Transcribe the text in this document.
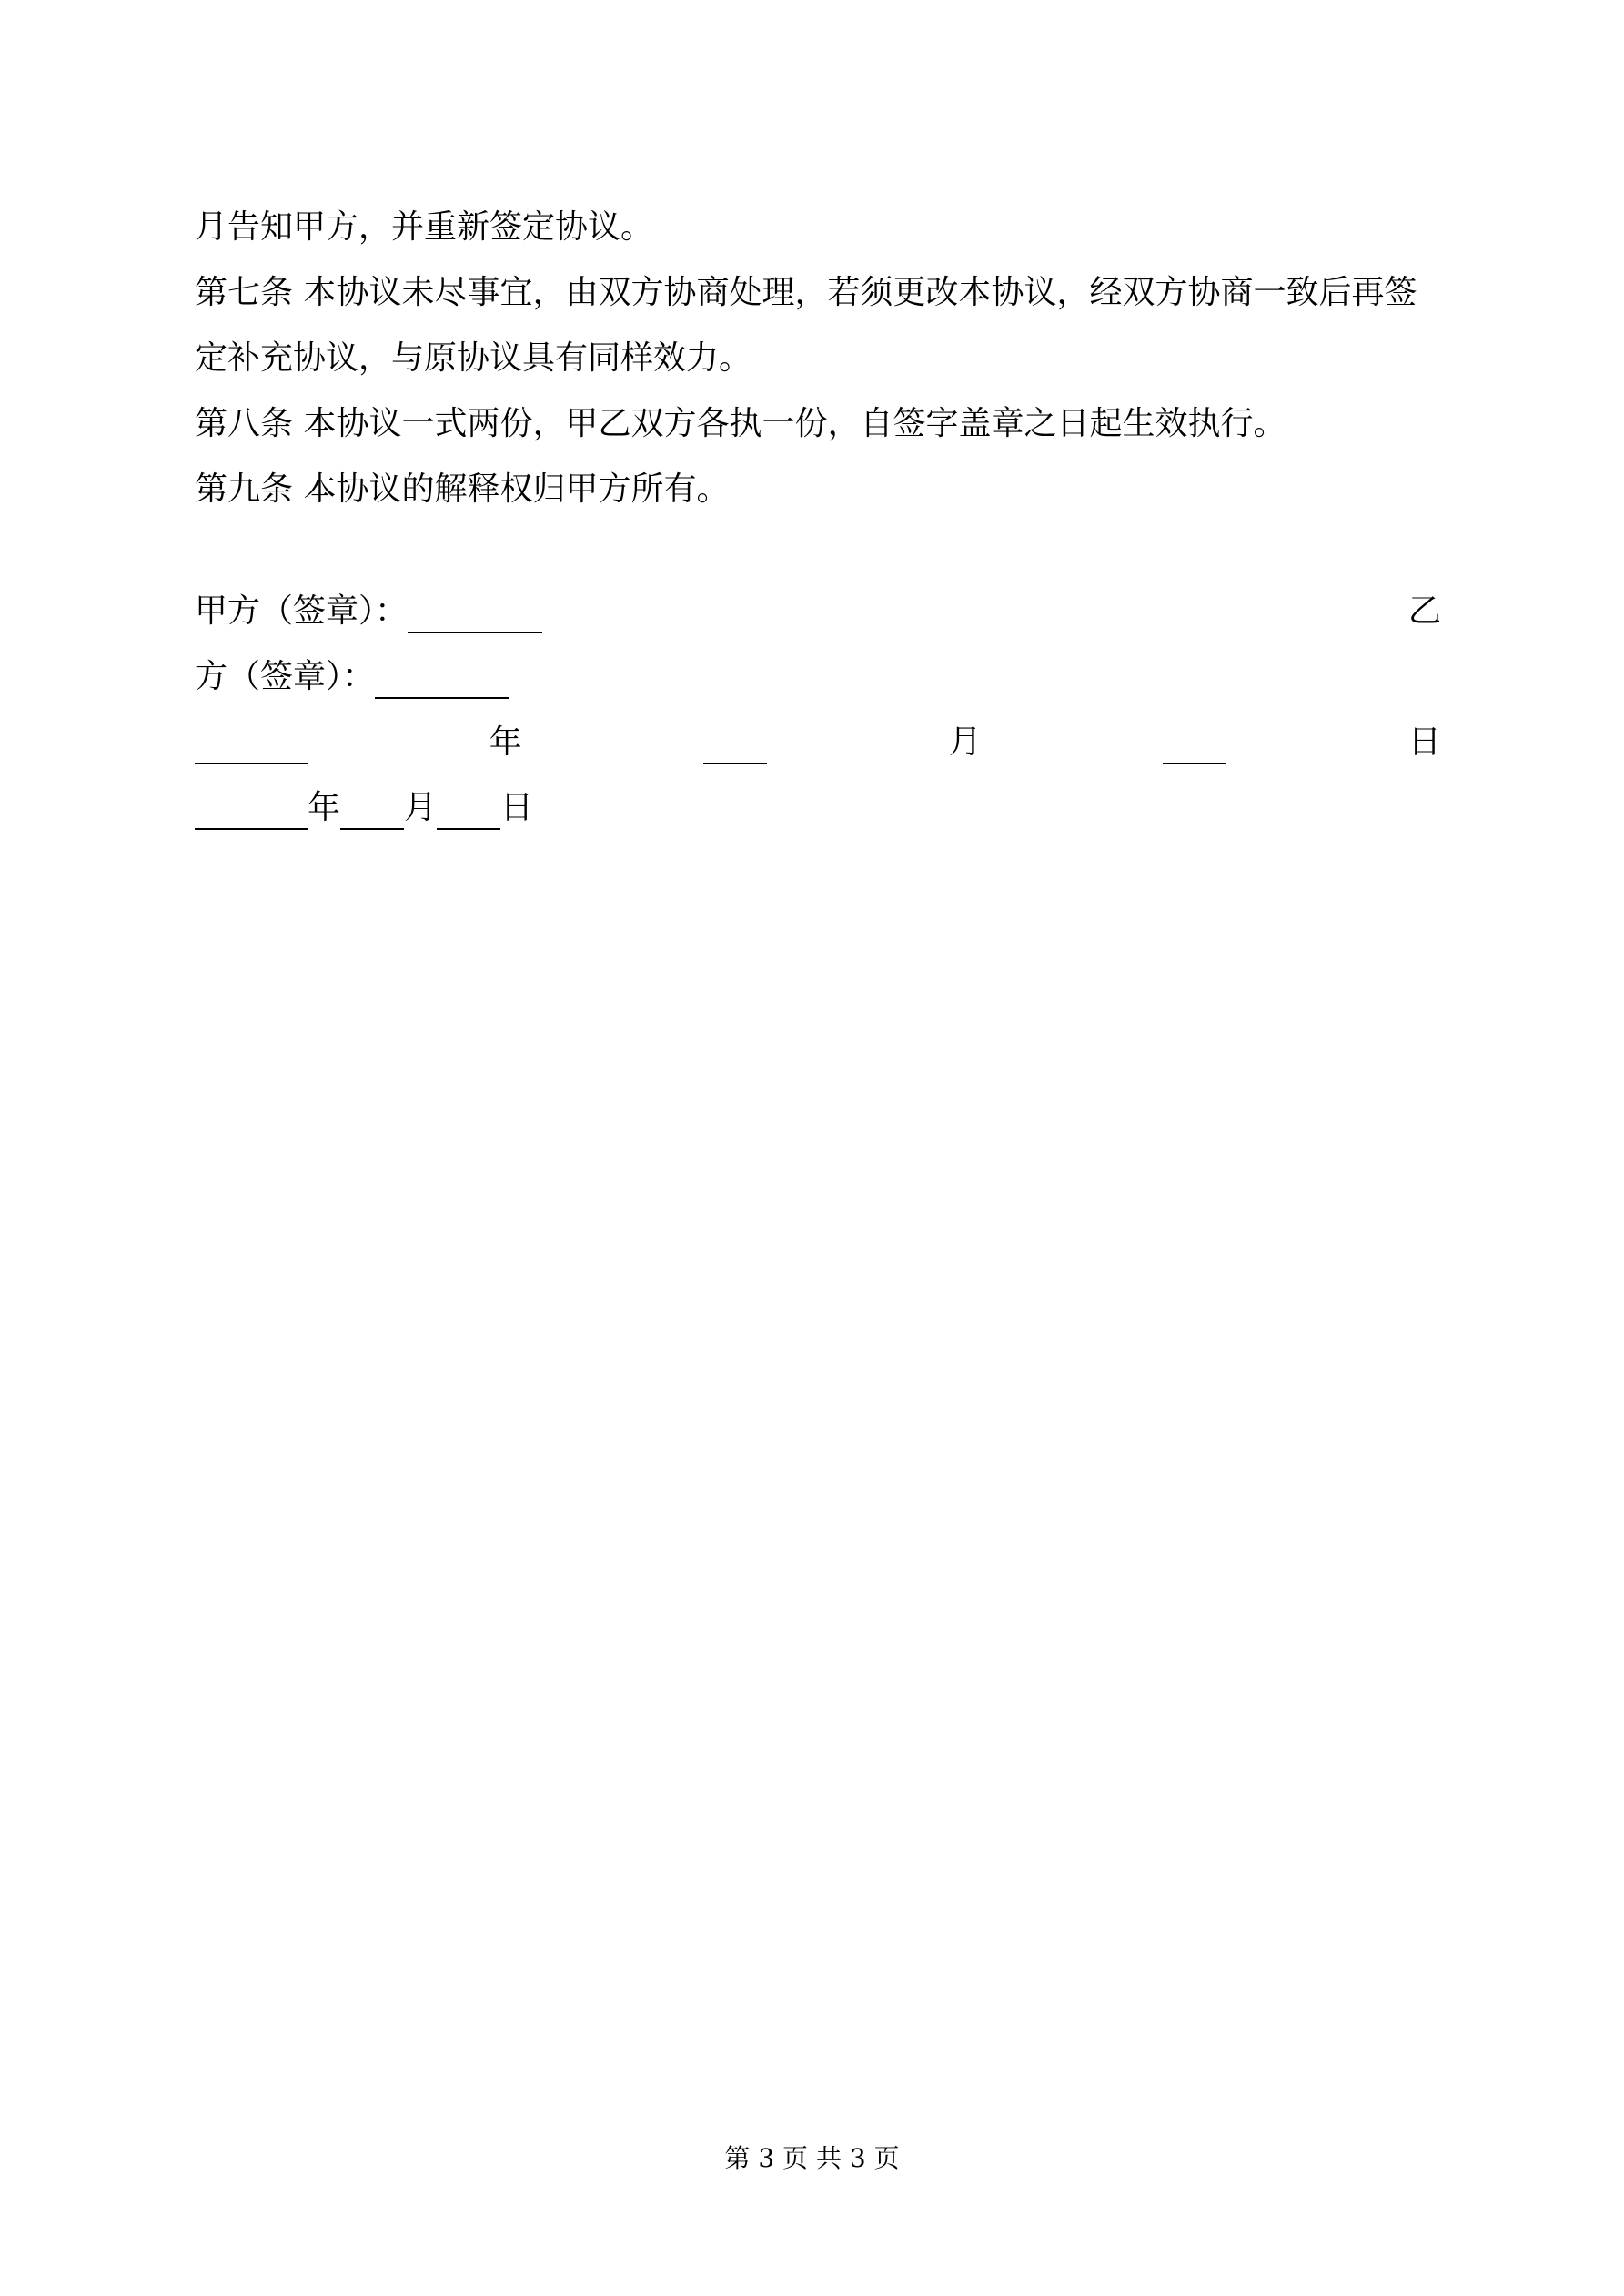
月告知甲方，并重新签定协议。
第七条 本协议未尽事宜，由双方协商处理，若须更改本协议，经双方协商一致后再签
定补充协议，与原协议具有同样效力。
第八条 本协议一式两份，甲乙双方各执一份，自签字盖章之日起生效执行。
第九条 本协议的解释权归甲方所有。
甲方（签章）：	乙
方（签章）：
年	月	日
年 月 日
第 3 页 共 3 页
